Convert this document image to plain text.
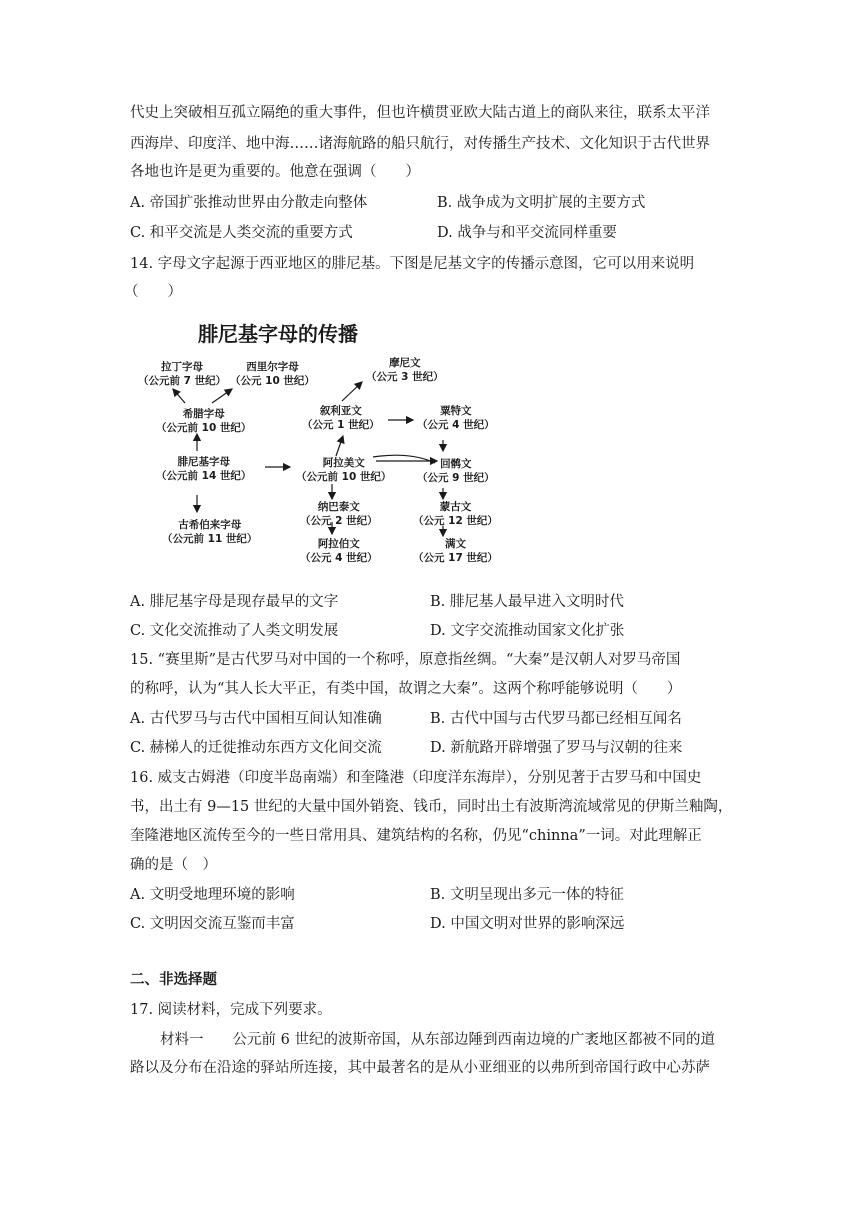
代史上突破相互孤立隔绝的重大事件，但也许横贯亚欧大陆古道上的商队来往，联系太平洋
西海岸、印度洋、地中海……诸海航路的船只航行，对传播生产技术、文化知识于古代世界
各地也许是更为重要的。他意在强调（　　）
A. 帝国扩张推动世界由分散走向整体	B. 战争成为文明扩展的主要方式
C. 和平交流是人类交流的重要方式	D. 战争与和平交流同样重要
14. 字母文字起源于西亚地区的腓尼基。下图是尼基文字的传播示意图，它可以用来说明
（　　）
腓尼基字母的传播
拉丁字母
（公元前 7 世纪）
西里尔字母
（公元 10 世纪）
希腊字母
（公元前 10 世纪）
腓尼基字母
（公元前 14 世纪）
古希伯来字母
（公元前 11 世纪）
摩尼文
（公元 3 世纪）
叙利亚文
（公元 1 世纪）
粟特文
（公元 4 世纪）
阿拉美文
（公元前 10 世纪）
回鹘文
（公元 9 世纪）
纳巴泰文
（公元 2 世纪）
蒙古文
（公元 12 世纪）
阿拉伯文
（公元 4 世纪）
满文
（公元 17 世纪）
A. 腓尼基字母是现存最早的文字	B. 腓尼基人最早进入文明时代
C. 文化交流推动了人类文明发展	D. 文字交流推动国家文化扩张
15. “赛里斯”是古代罗马对中国的一个称呼，原意指丝绸。“大秦”是汉朝人对罗马帝国
的称呼，认为“其人长大平正，有类中国，故谓之大秦”。这两个称呼能够说明（　　）
A. 古代罗马与古代中国相互间认知准确	B. 古代中国与古代罗马都已经相互闻名
C. 赫梯人的迁徙推动东西方文化间交流	D. 新航路开辟增强了罗马与汉朝的往来
16. 威支古姆港（印度半岛南端）和奎隆港（印度洋东海岸），分别见著于古罗马和中国史
书，出土有 9—15 世纪的大量中国外销瓷、钱币，同时出土有波斯湾流域常见的伊斯兰釉陶，
奎隆港地区流传至今的一些日常用具、建筑结构的名称，仍见“chinna”一词。对此理解正
确的是（　）
A. 文明受地理环境的影响	B. 文明呈现出多元一体的特征
C. 文明因交流互鉴而丰富	D. 中国文明对世界的影响深远
二、非选择题
17. 阅读材料，完成下列要求。
材料一　　公元前 6 世纪的波斯帝国，从东部边陲到西南边境的广袤地区都被不同的道
路以及分布在沿途的驿站所连接，其中最著名的是从小亚细亚的以弗所到帝国行政中心苏萨
